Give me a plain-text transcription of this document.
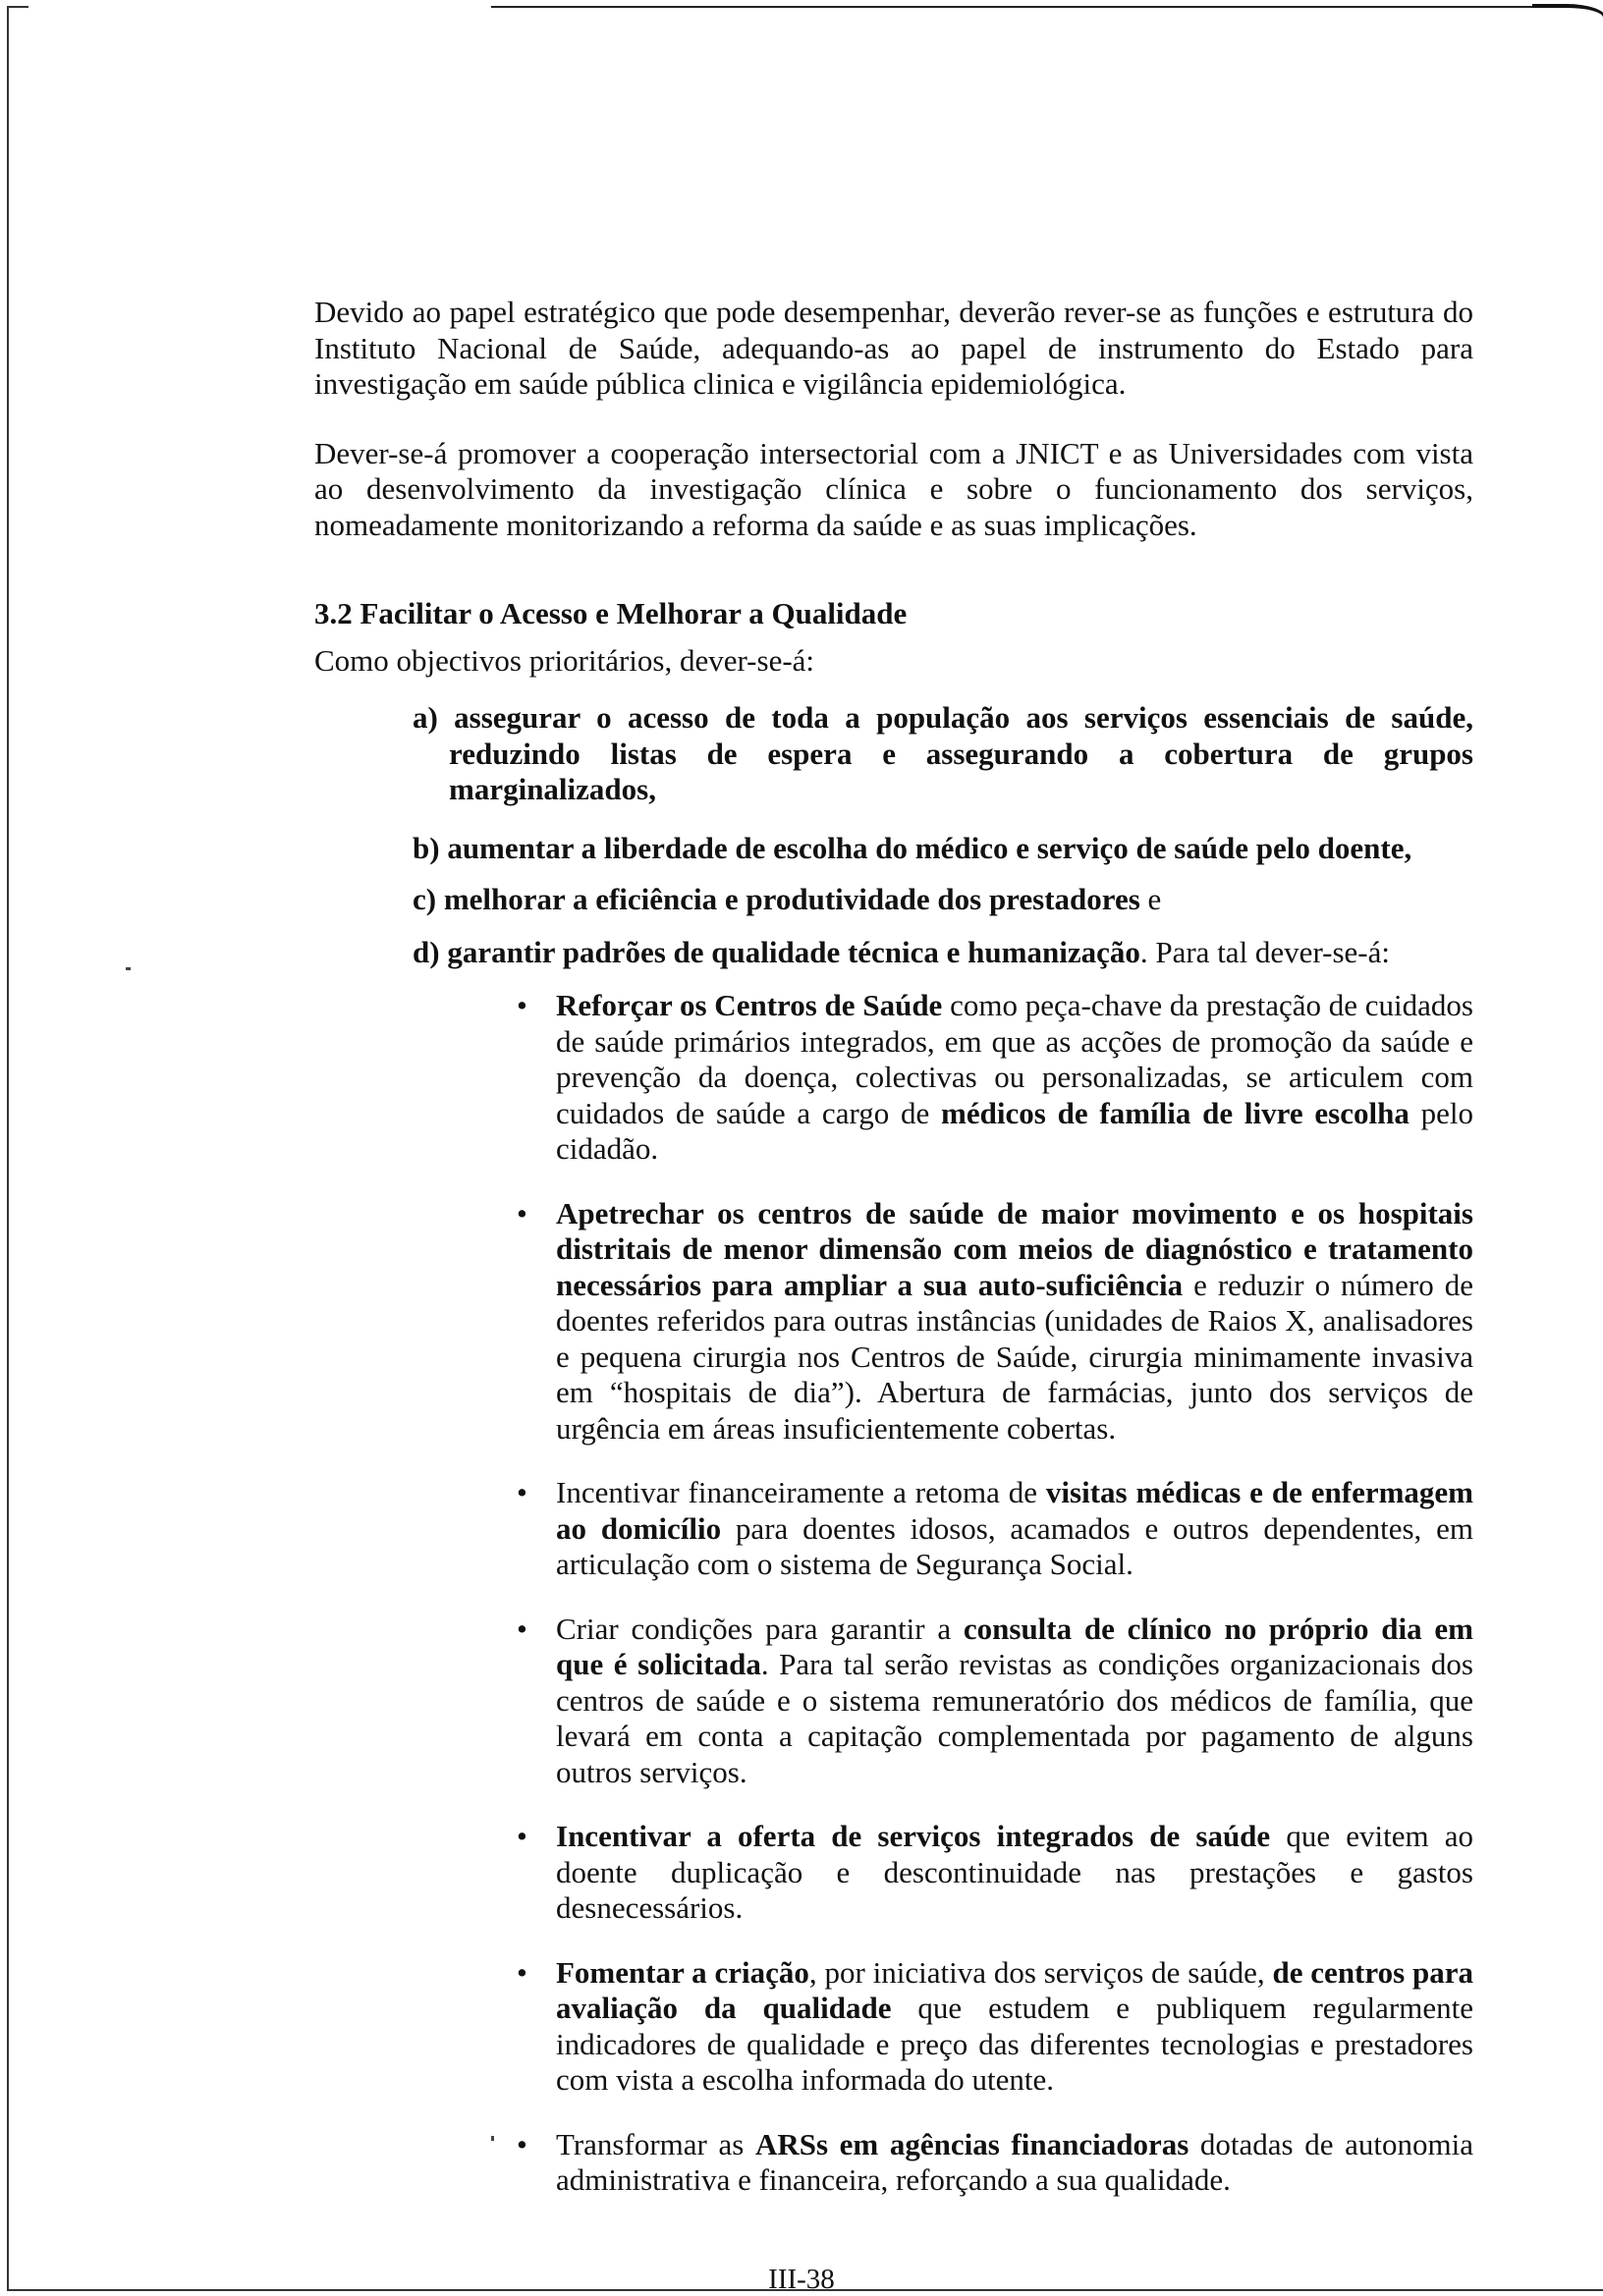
Devido ao papel estratégico que pode desempenhar, deverão rever-se as funções e estrutura do Instituto Nacional de Saúde, adequando-as ao papel de instrumento do Estado para investigação em saúde pública clinica e vigilância epidemiológica.
Dever-se-á promover a cooperação intersectorial com a JNICT e as Universidades com vista ao desenvolvimento da investigação clínica e sobre o funcionamento dos serviços, nomeadamente monitorizando a reforma da saúde e as suas implicações.
3.2 Facilitar o Acesso e Melhorar a Qualidade
Como objectivos prioritários, dever-se-á:
a) assegurar o acesso de toda a população aos serviços essenciais de saúde, reduzindo listas de espera e assegurando a cobertura de grupos marginalizados,
b) aumentar a liberdade de escolha do médico e serviço de saúde pelo doente,
c) melhorar a eficiência e produtividade dos prestadores e
d) garantir padrões de qualidade técnica e humanização. Para tal dever-se-á:
• Reforçar os Centros de Saúde como peça-chave da prestação de cuidados de saúde primários integrados, em que as acções de promoção da saúde e prevenção da doença, colectivas ou personalizadas, se articulem com cuidados de saúde a cargo de médicos de família de livre escolha pelo cidadão.
• Apetrechar os centros de saúde de maior movimento e os hospitais distritais de menor dimensão com meios de diagnóstico e tratamento necessários para ampliar a sua auto-suficiência e reduzir o número de doentes referidos para outras instâncias (unidades de Raios X, analisadores e pequena cirurgia nos Centros de Saúde, cirurgia minimamente invasiva em “hospitais de dia”). Abertura de farmácias, junto dos serviços de urgência em áreas insuficientemente cobertas.
• Incentivar financeiramente a retoma de visitas médicas e de enfermagem ao domicílio para doentes idosos, acamados e outros dependentes, em articulação com o sistema de Segurança Social.
• Criar condições para garantir a consulta de clínico no próprio dia em que é solicitada. Para tal serão revistas as condições organizacionais dos centros de saúde e o sistema remuneratório dos médicos de família, que levará em conta a capitação complementada por pagamento de alguns outros serviços.
• Incentivar a oferta de serviços integrados de saúde que evitem ao doente duplicação e descontinuidade nas prestações e gastos desnecessários.
• Fomentar a criação, por iniciativa dos serviços de saúde, de centros para avaliação da qualidade que estudem e publiquem regularmente indicadores de qualidade e preço das diferentes tecnologias e prestadores com vista a escolha informada do utente.
• Transformar as ARSs em agências financiadoras dotadas de autonomia administrativa e financeira, reforçando a sua qualidade.
III-38
